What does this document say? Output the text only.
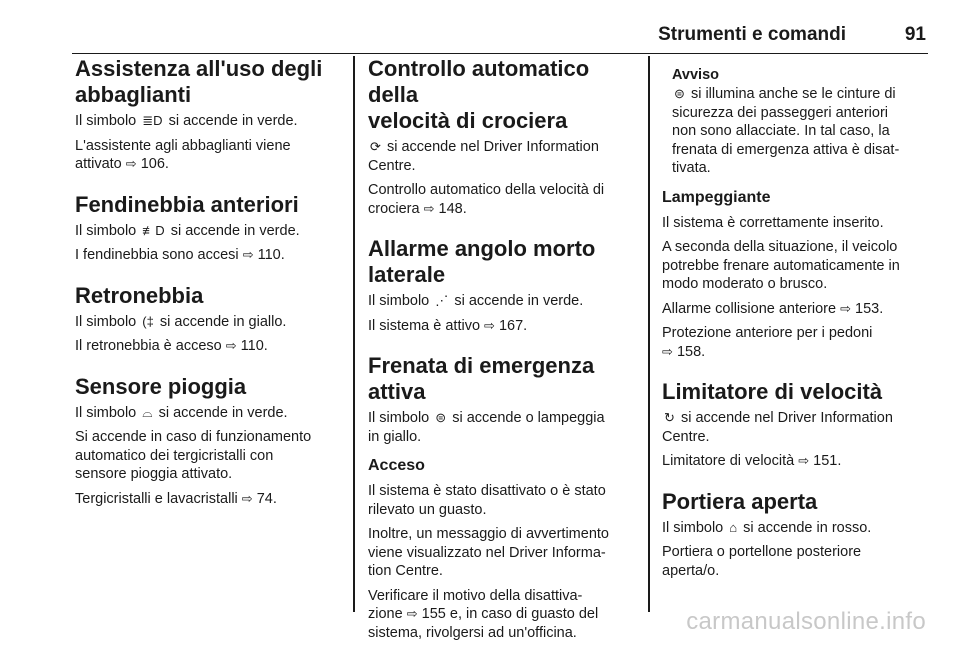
Strumenti e comandi	91
Assistenza all'uso degli
abbaglianti

Il simbolo ≣D si accende in verde.

L'assistente agli abbaglianti viene
attivato ⇨ 106.

Fendinebbia anteriori

Il simbolo ≢D si accende in verde.

I fendinebbia sono accesi ⇨ 110.

Retronebbia

Il simbolo (‡ si accende in giallo.

Il retronebbia è acceso ⇨ 110.

Sensore pioggia

Il simbolo ⌓ si accende in verde.

Si accende in caso di funzionamento
automatico dei tergicristalli con
sensore pioggia attivato.

Tergicristalli e lavacristalli ⇨ 74.

Controllo automatico della
velocità di crociera

⟳ si accende nel Driver Information
Centre.

Controllo automatico della velocità di
crociera ⇨ 148.

Allarme angolo morto
laterale

Il simbolo ⋰ si accende in verde.

Il sistema è attivo ⇨ 167.

Frenata di emergenza attiva

Il simbolo ⊜ si accende o lampeggia
in giallo.

Acceso

Il sistema è stato disattivato o è stato
rilevato un guasto.

Inoltre, un messaggio di avvertimento
viene visualizzato nel Driver Informa-
tion Centre.

Verificare il motivo della disattiva-
zione ⇨ 155 e, in caso di guasto del
sistema, rivolgersi ad un'officina.

Avviso

⊜ si illumina anche se le cinture di
sicurezza dei passeggeri anteriori
non sono allacciate. In tal caso, la
frenata di emergenza attiva è disat-
tivata.

Lampeggiante

Il sistema è correttamente inserito.

A seconda della situazione, il veicolo
potrebbe frenare automaticamente in
modo moderato o brusco.

Allarme collisione anteriore ⇨ 153.

Protezione anteriore per i pedoni
⇨ 158.

Limitatore di velocità

↻ si accende nel Driver Information
Centre.

Limitatore di velocità ⇨ 151.

Portiera aperta

Il simbolo ⌂ si accende in rosso.

Portiera o portellone posteriore
aperta/o.

carmanualsonline.info
